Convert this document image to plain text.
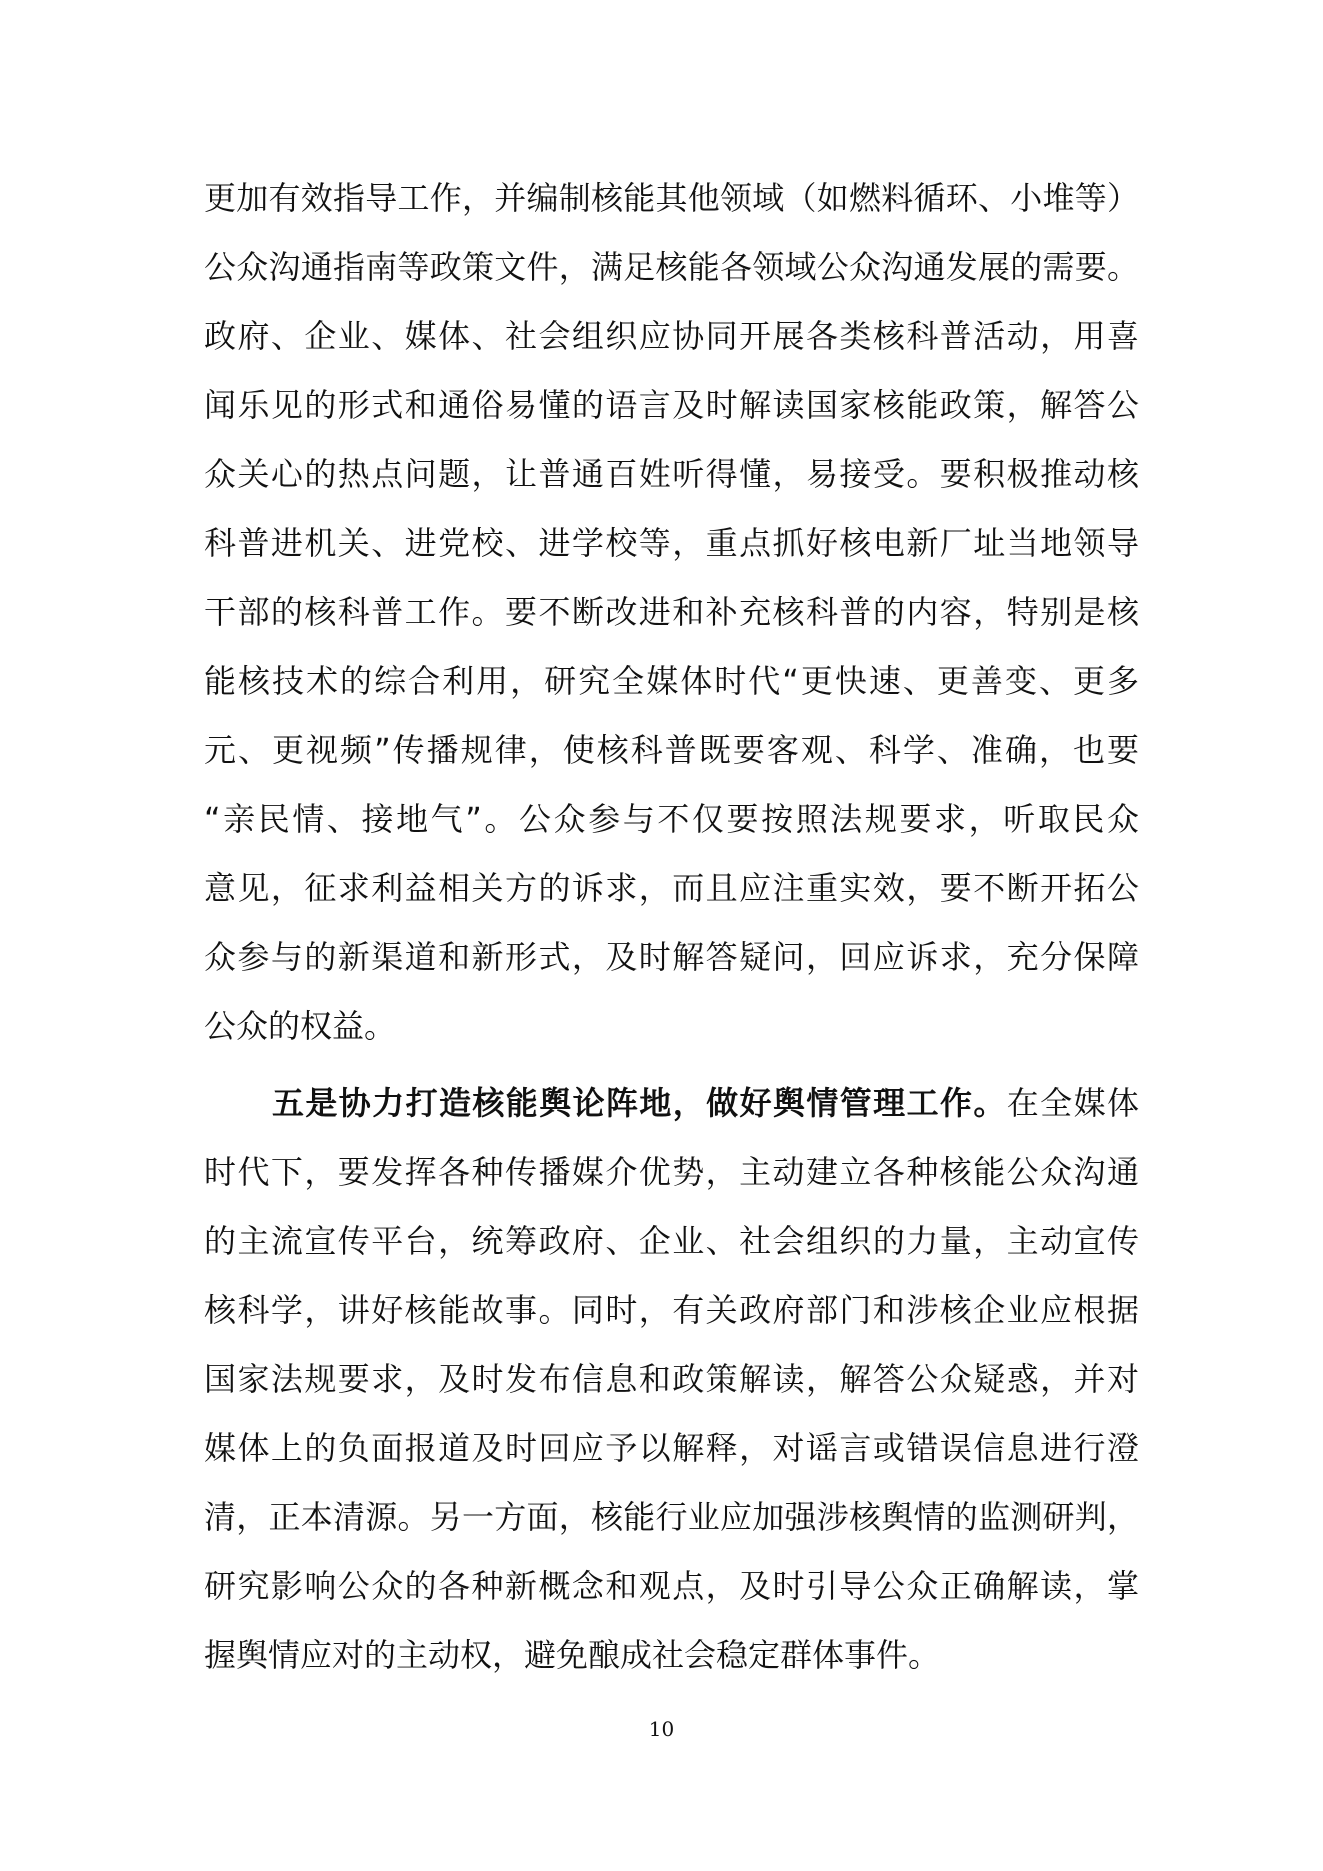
更加有效指导工作，并编制核能其他领域（如燃料循环、小堆等）
公众沟通指南等政策文件，满足核能各领域公众沟通发展的需要。
政府、企业、媒体、社会组织应协同开展各类核科普活动，用喜
闻乐见的形式和通俗易懂的语言及时解读国家核能政策，解答公
众关心的热点问题，让普通百姓听得懂，易接受。要积极推动核
科普进机关、进党校、进学校等，重点抓好核电新厂址当地领导
干部的核科普工作。要不断改进和补充核科普的内容，特别是核
能核技术的综合利用，研究全媒体时代“更快速、更善变、更多
元、更视频”传播规律，使核科普既要客观、科学、准确，也要
“亲民情、接地气”。公众参与不仅要按照法规要求，听取民众
意见，征求利益相关方的诉求，而且应注重实效，要不断开拓公
众参与的新渠道和新形式，及时解答疑问，回应诉求，充分保障
公众的权益。
五是协力打造核能舆论阵地，做好舆情管理工作。在全媒体
时代下，要发挥各种传播媒介优势，主动建立各种核能公众沟通
的主流宣传平台，统筹政府、企业、社会组织的力量，主动宣传
核科学，讲好核能故事。同时，有关政府部门和涉核企业应根据
国家法规要求，及时发布信息和政策解读，解答公众疑惑，并对
媒体上的负面报道及时回应予以解释，对谣言或错误信息进行澄
清，正本清源。另一方面，核能行业应加强涉核舆情的监测研判，
研究影响公众的各种新概念和观点，及时引导公众正确解读，掌
握舆情应对的主动权，避免酿成社会稳定群体事件。
10
